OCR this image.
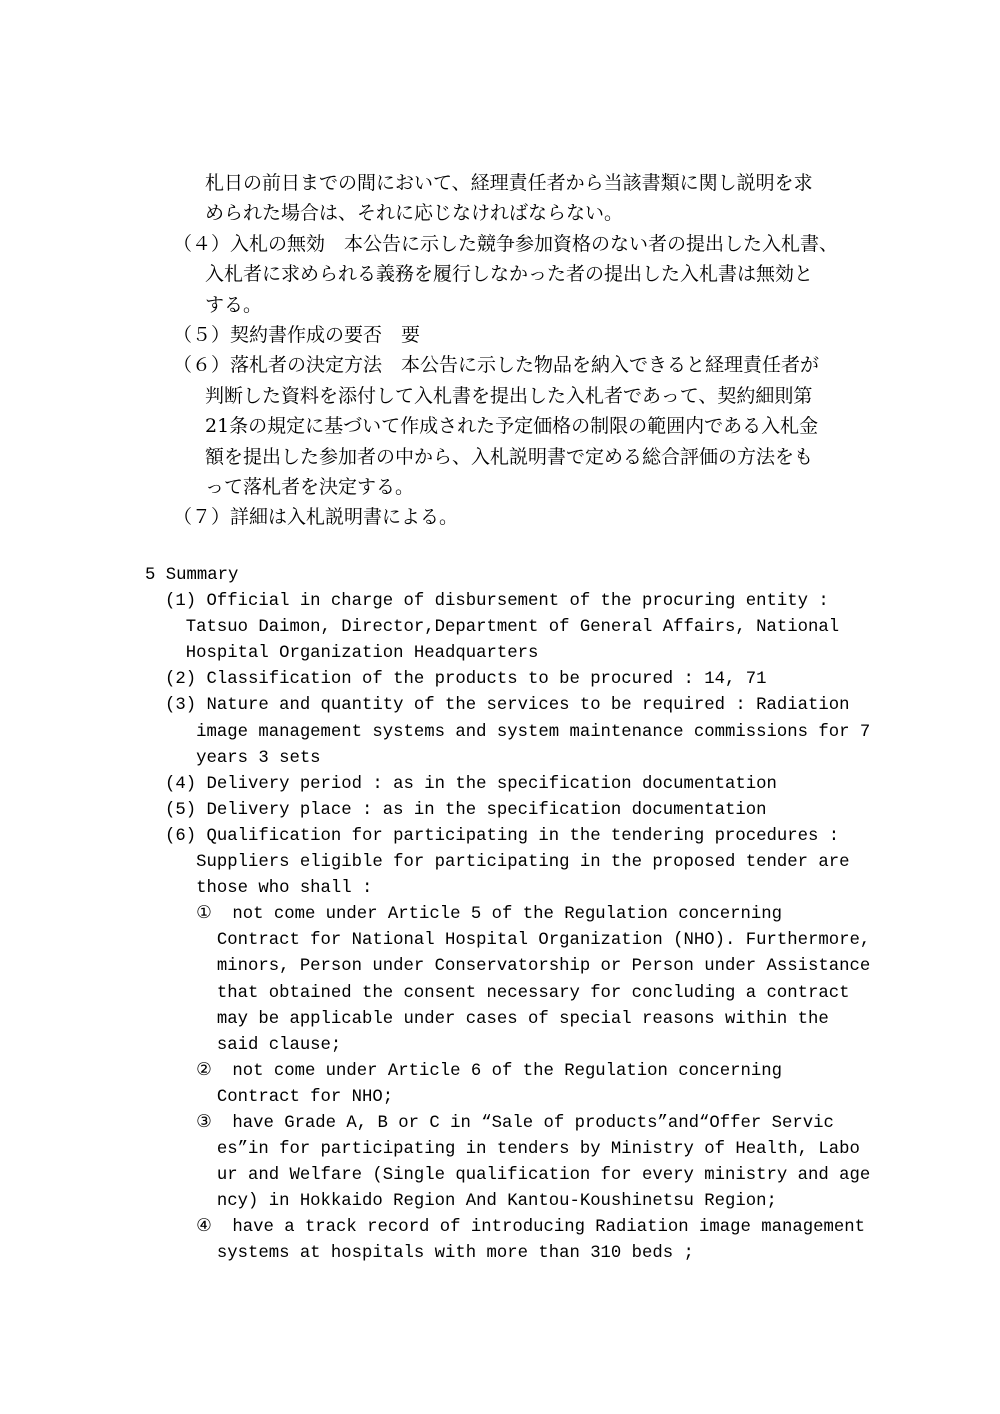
札日の前日までの間において、経理責任者から当該書類に関し説明を求
められた場合は、それに応じなければならない。
（４）入札の無効　本公告に示した競争参加資格のない者の提出した入札書、
入札者に求められる義務を履行しなかった者の提出した入札書は無効と
する。
（５）契約書作成の要否　要
（６）落札者の決定方法　本公告に示した物品を納入できると経理責任者が
判断した資料を添付して入札書を提出した入札者であって、契約細則第
21条の規定に基づいて作成された予定価格の制限の範囲内である入札金
額を提出した参加者の中から、入札説明書で定める総合評価の方法をも
って落札者を決定する。
（７）詳細は入札説明書による。
5 Summary
(1) Official in charge of disbursement of the procuring entity :
Tatsuo Daimon, Director,Department of General Affairs, National
Hospital Organization Headquarters
(2) Classification of the products to be procured : 14, 71
(3) Nature and quantity of the services to be required : Radiation
image management systems and system maintenance commissions for 7
years 3 sets
(4) Delivery period : as in the specification documentation
(5) Delivery place : as in the specification documentation
(6) Qualification for participating in the tendering procedures :
Suppliers eligible for participating in the proposed tender are
those who shall :
①  not come under Article 5 of the Regulation concerning
Contract for National Hospital Organization (NHO). Furthermore,
minors, Person under Conservatorship or Person under Assistance
that obtained the consent necessary for concluding a contract
may be applicable under cases of special reasons within the
said clause;
②  not come under Article 6 of the Regulation concerning
Contract for NHO;
③  have Grade A, B or C in “Sale of products”and“Offer Servic
es”in for participating in tenders by Ministry of Health, Labo
ur and Welfare (Single qualification for every ministry and age
ncy) in Hokkaido Region And Kantou-Koushinetsu Region;
④  have a track record of introducing Radiation image management
systems at hospitals with more than 310 beds ;
